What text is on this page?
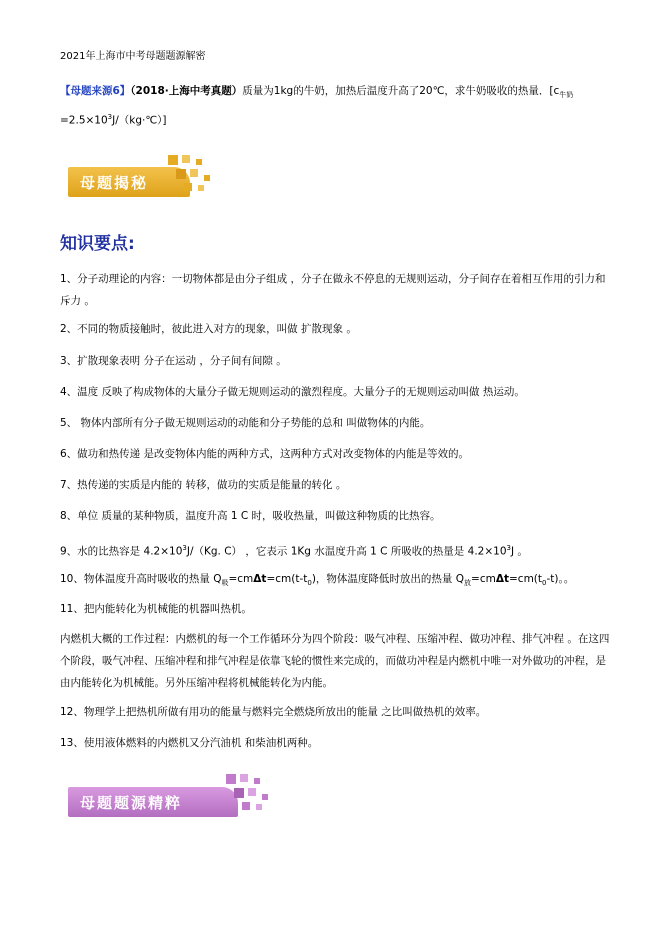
2021年上海市中考母题题源解密
【母题来源6】（2018·上海中考真题）质量为1kg的牛奶，加热后温度升高了20℃，求牛奶吸收的热量．[$c_{牛奶}$
$=2.5\times 10^3J/(kg\cdot℃)$]
母题揭秘
知识要点:
1、分子动理论的内容：一切物体都是由分子组成 ，分子在做永不停息的无规则运动，分子间存在着相互作用的引力和斥力 。
2、不同的物质接触时，彼此进入对方的现象，叫做 扩散现象 。
3、扩散现象表明 分子在运动 ，分子间有间隙 。
4、温度 反映了构成物体的大量分子做无规则运动的激烈程度。大量分子的无规则运动叫做 热运动。
5、 物体内部所有分子做无规则运动的动能和分子势能的总和 叫做物体的内能。
6、做功和热传递 是改变物体内能的两种方式，这两种方式对改变物体的内能是等效的。
7、热传递的实质是内能的 转移，做功的实质是能量的转化 。
8、单位 质量的某种物质，温度升高 1 C 时，吸收热量，叫做这种物质的比热容。
9、水的比热容是 $4.2\times 10^3J/(Kg$. C） ，它表示 1Kg 水温度升高 1 C 所吸收的热量是 $4.2\times 10^3J$ 。
10、物体温度升高时吸收的热量 $Q_吸=cm\Delta t=cm(t-t_0)$，物体温度降低时放出的热量 $Q_放=cm\Delta t=cm(t_0-t)$。。
11、把内能转化为机械能的机器叫热机。
内燃机大概的工作过程：内燃机的每一个工作循环分为四个阶段：吸气冲程、压缩冲程、做功冲程、排气冲程 。在这四个阶段，吸气冲程、压缩冲程和排气冲程是依靠飞轮的惯性来完成的，而做功冲程是内燃机中唯一对外做功的冲程，是由内能转化为机械能。另外压缩冲程将机械能转化为内能。
12、物理学上把热机所做有用功的能量与燃料完全燃烧所放出的能量 之比叫做热机的效率。
13、使用液体燃料的内燃机又分汽油机 和柴油机两种。
母题题源精粹
